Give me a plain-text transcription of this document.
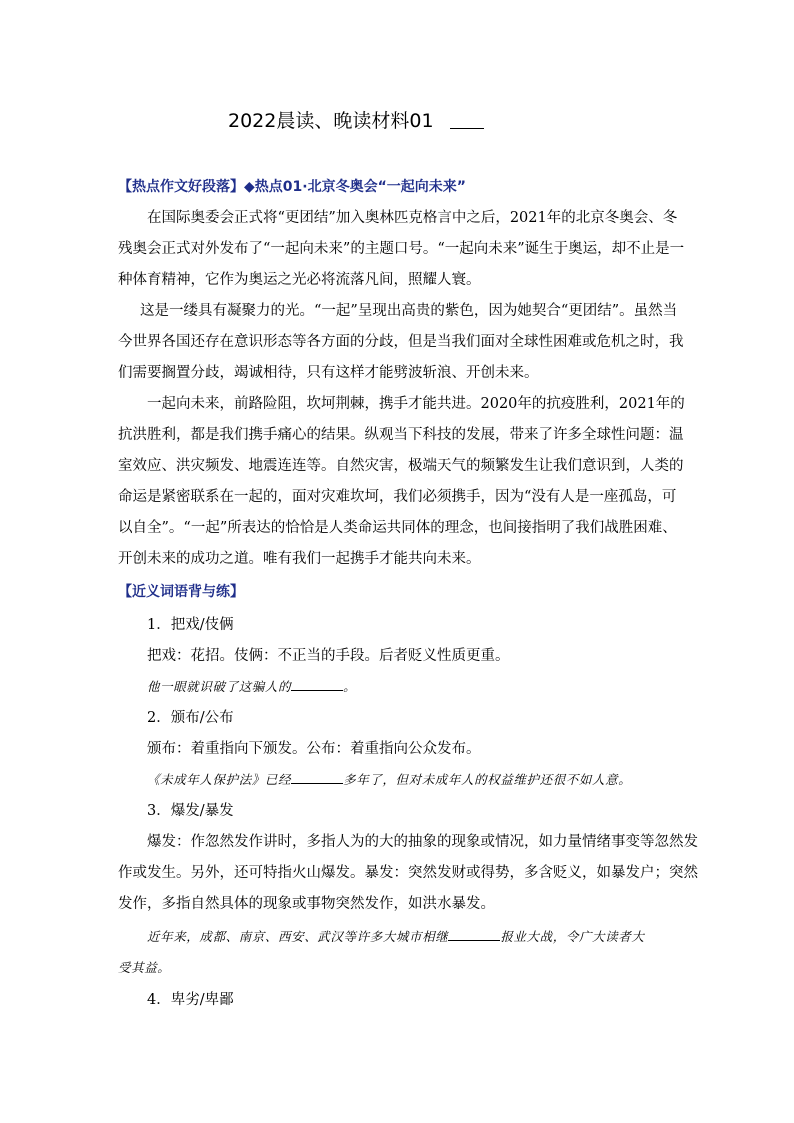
2022晨读、晚读材料01
【热点作文好段落】◆热点01·北京冬奥会“一起向未来”
在国际奥委会正式将“更团结”加入奥林匹克格言中之后，2021年的北京冬奥会、冬残奥会正式对外发布了“一起向未来”的主题口号。“一起向未来”诞生于奥运，却不止是一种体育精神，它作为奥运之光必将流落凡间，照耀人寰。
这是一缕具有凝聚力的光。“一起”呈现出高贵的紫色，因为她契合“更团结”。虽然当今世界各国还存在意识形态等各方面的分歧，但是当我们面对全球性困难或危机之时，我们需要搁置分歧，竭诚相待，只有这样才能劈波斩浪、开创未来。
一起向未来，前路险阻，坎坷荆棘，携手才能共进。2020年的抗疫胜利，2021年的抗洪胜利，都是我们携手痛心的结果。纵观当下科技的发展，带来了许多全球性问题：温室效应、洪灾频发、地震连连等。自然灾害，极端天气的频繁发生让我们意识到，人类的命运是紧密联系在一起的，面对灾难坎坷，我们必须携手，因为“没有人是一座孤岛，可以自全”。“一起”所表达的恰恰是人类命运共同体的理念，也间接指明了我们战胜困难、开创未来的成功之道。唯有我们一起携手才能共向未来。
【近义词语背与练】
1．把戏/伎俩
把戏：花招。伎俩：不正当的手段。后者贬义性质更重。
他一眼就识破了这骗人的	。
2．颁布/公布
颁布：着重指向下颁发。公布：着重指向公众发布。
《未成年人保护法》已经	多年了，但对未成年人的权益维护还很不如人意。
3．爆发/暴发
爆发：作忽然发作讲时，多指人为的大的抽象的现象或情况，如力量情绪事变等忽然发
作或发生。另外，还可特指火山爆发。暴发：突然发财或得势，多含贬义，如暴发户；突然
发作，多指自然具体的现象或事物突然发作，如洪水暴发。
近年来，成都、南京、西安、武汉等许多大城市相继	报业大战，令广大读者大
受其益。
4．卑劣/卑鄙
